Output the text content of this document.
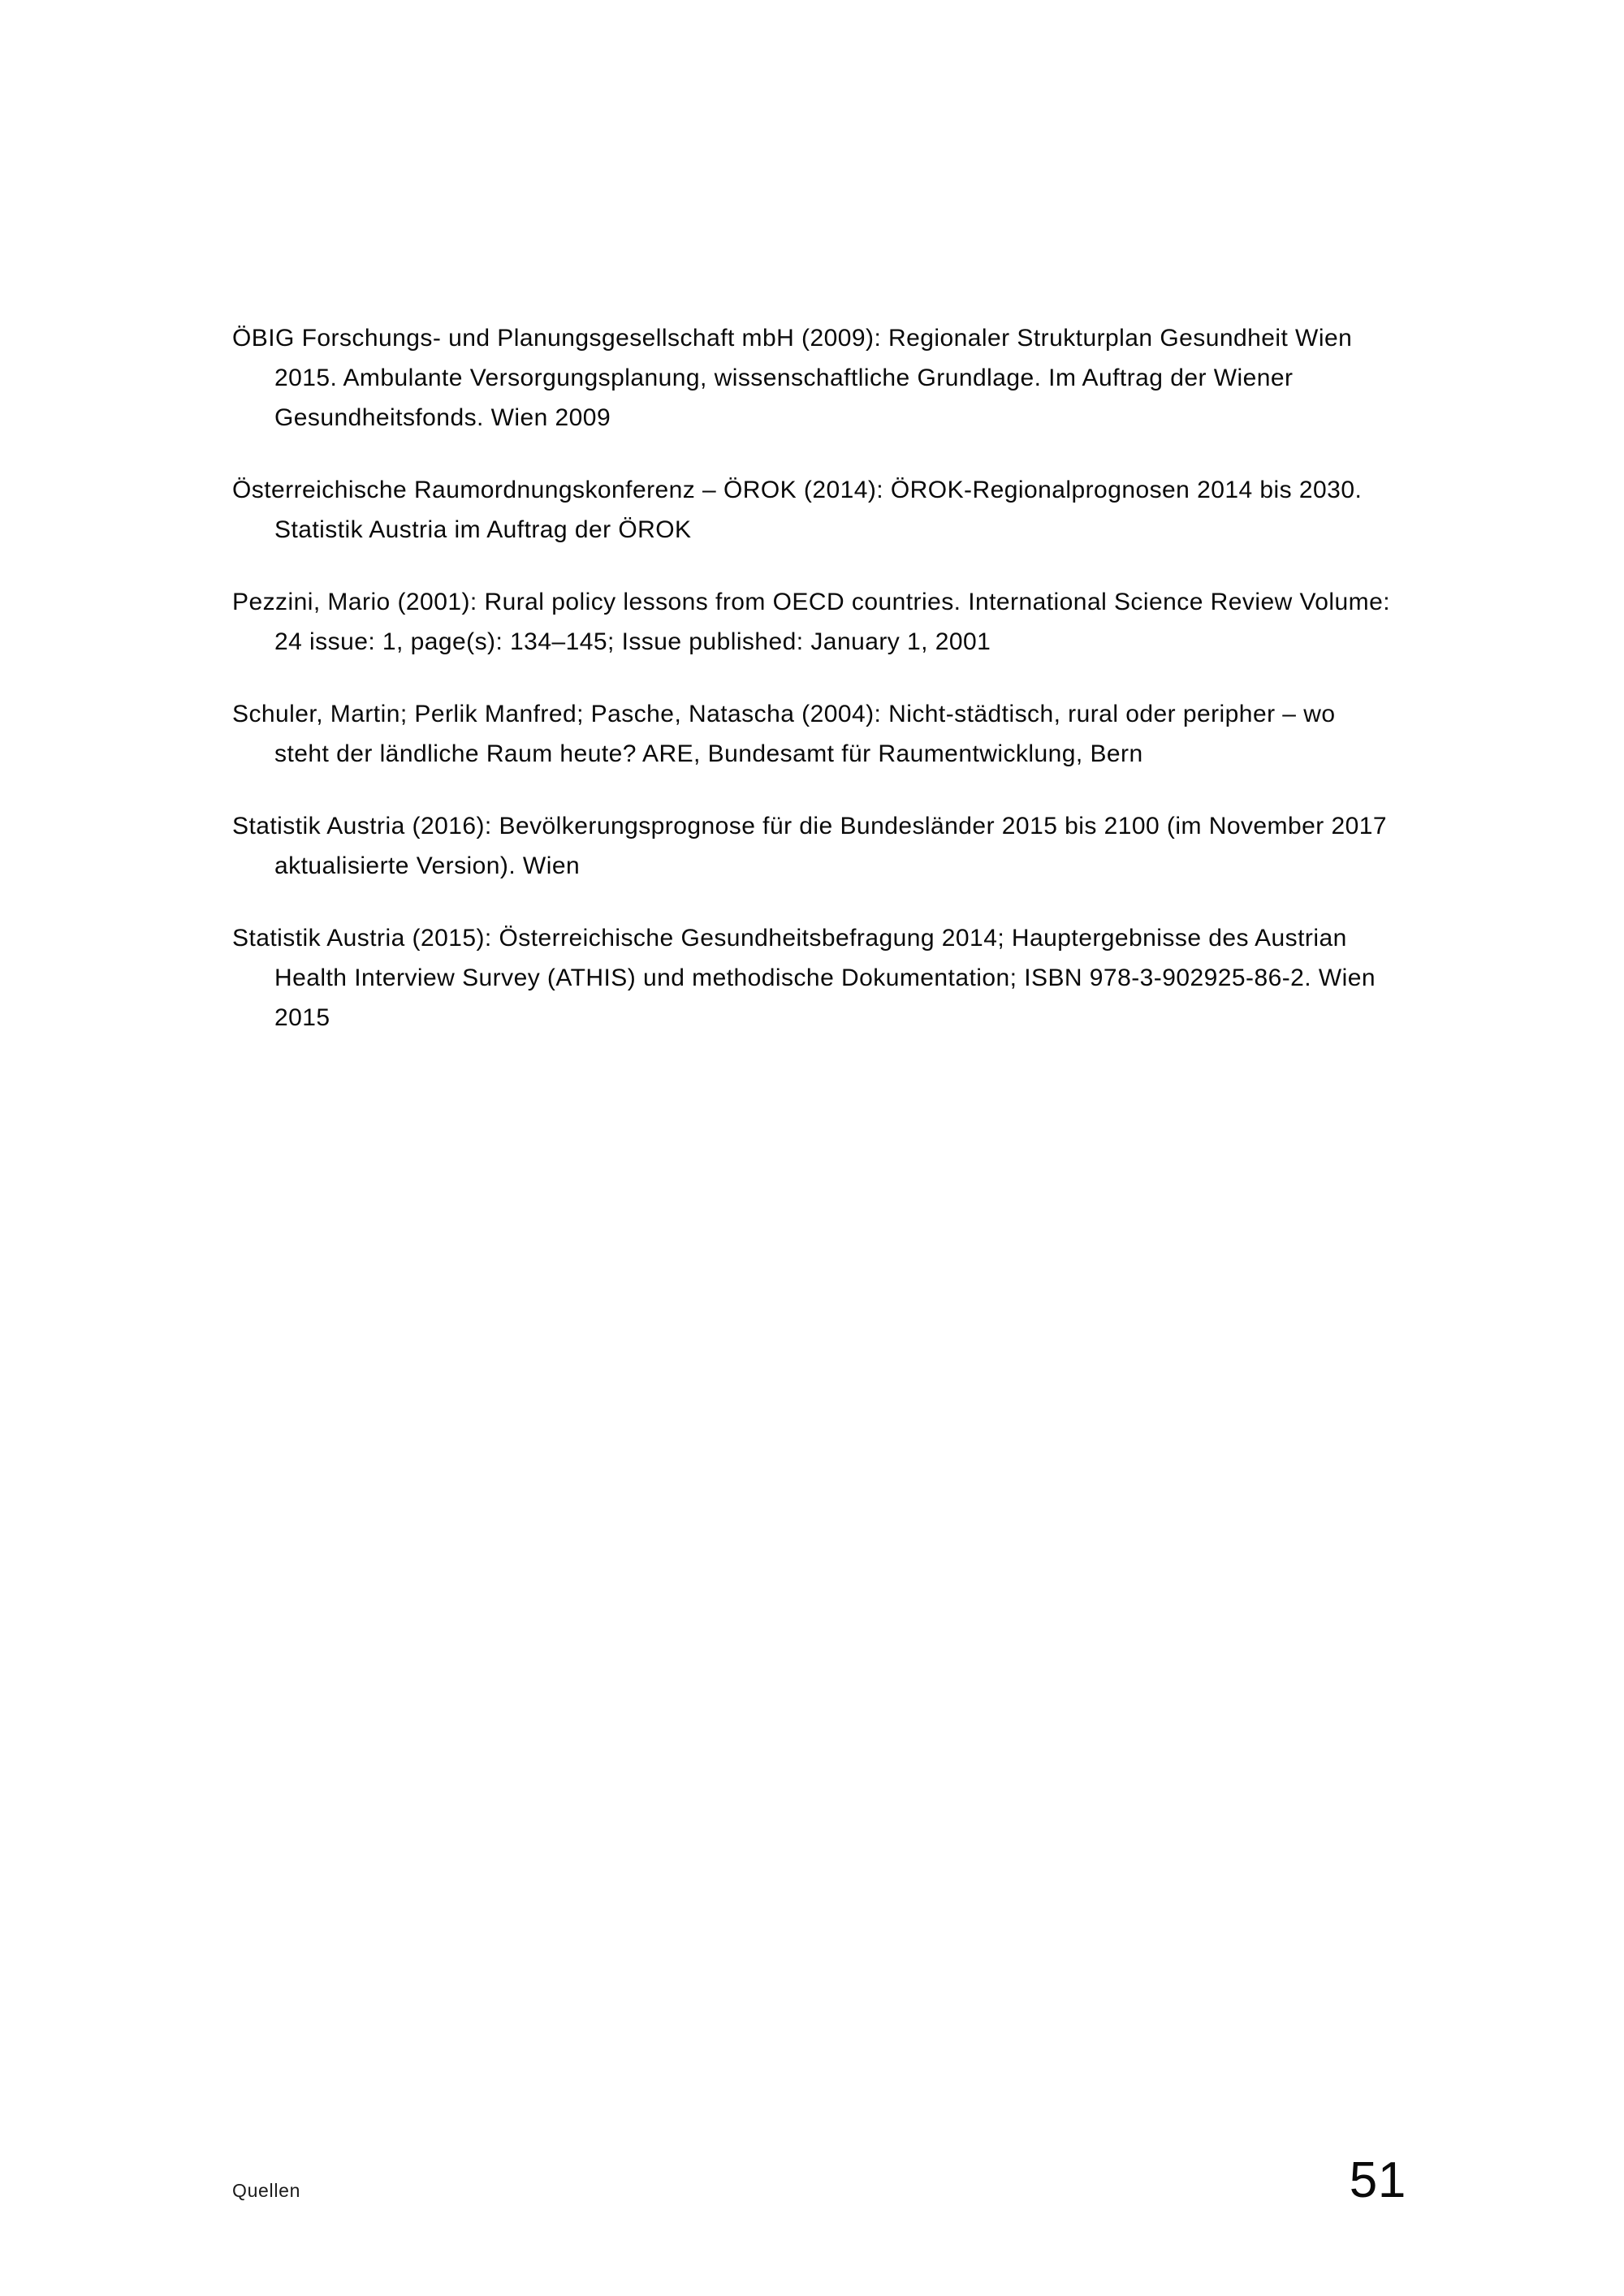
ÖBIG Forschungs- und Planungsgesellschaft mbH (2009): Regionaler Strukturplan Gesundheit Wien 2015. Ambulante Versorgungsplanung, wissenschaftliche Grundlage. Im Auftrag der Wiener Gesundheitsfonds. Wien 2009

Österreichische Raumordnungskonferenz – ÖROK (2014): ÖROK-Regionalprognosen 2014 bis 2030. Statistik Austria im Auftrag der ÖROK

Pezzini, Mario (2001): Rural policy lessons from OECD countries. International Science Review Volume: 24 issue: 1, page(s): 134–145; Issue published: January 1, 2001

Schuler, Martin; Perlik Manfred; Pasche, Natascha (2004): Nicht-städtisch, rural oder peripher – wo steht der ländliche Raum heute? ARE, Bundesamt für Raumentwicklung, Bern

Statistik Austria (2016): Bevölkerungsprognose für die Bundesländer 2015 bis 2100 (im November 2017 aktualisierte Version). Wien

Statistik Austria (2015): Österreichische Gesundheitsbefragung 2014; Hauptergebnisse des Austrian Health Interview Survey (ATHIS) und methodische Dokumentation; ISBN 978-3-902925-86-2. Wien 2015

Quellen	51
